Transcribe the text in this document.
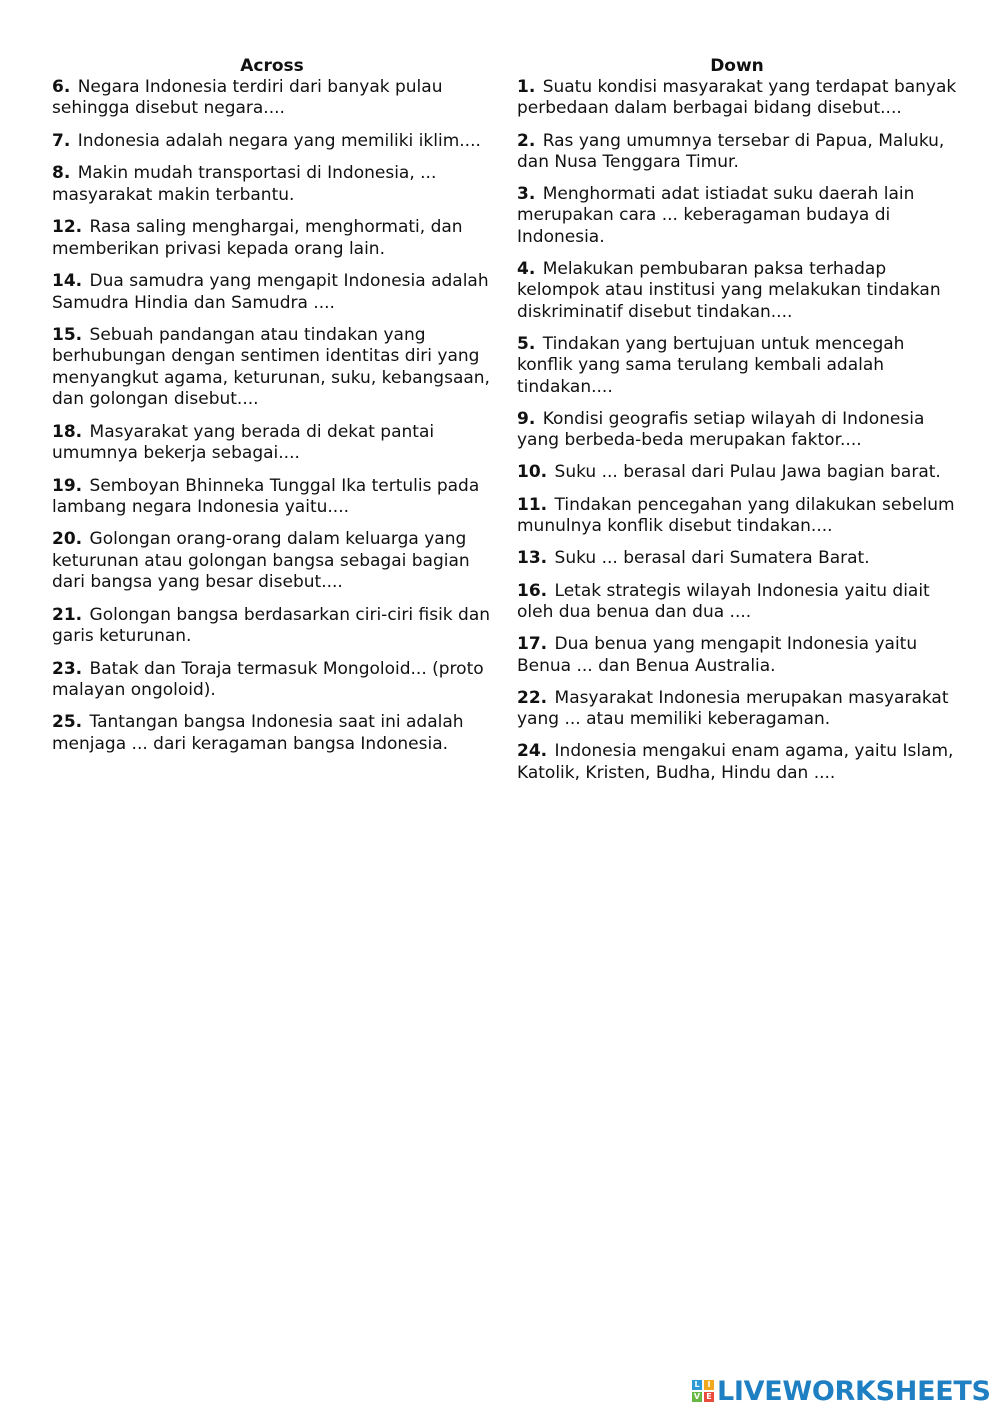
Across
6. Negara Indonesia terdiri dari banyak pulau sehingga disebut negara....
7. Indonesia adalah negara yang memiliki iklim....
8. Makin mudah transportasi di Indonesia, ... masyarakat makin terbantu.
12. Rasa saling menghargai, menghormati, dan memberikan privasi kepada orang lain.
14. Dua samudra yang mengapit Indonesia adalah Samudra Hindia dan Samudra ....
15. Sebuah pandangan atau tindakan yang berhubungan dengan sentimen identitas diri yang menyangkut agama, keturunan, suku, kebangsaan, dan golongan disebut....
18. Masyarakat yang berada di dekat pantai umumnya bekerja sebagai....
19. Semboyan Bhinneka Tunggal Ika tertulis pada lambang negara Indonesia yaitu....
20. Golongan orang-orang dalam keluarga yang keturunan atau golongan bangsa sebagai bagian dari bangsa yang besar disebut....
21. Golongan bangsa berdasarkan ciri-ciri fisik dan garis keturunan.
23. Batak dan Toraja termasuk Mongoloid... (proto malayan ongoloid).
25. Tantangan bangsa Indonesia saat ini adalah menjaga ... dari keragaman bangsa Indonesia.
Down
1. Suatu kondisi masyarakat yang terdapat banyak perbedaan dalam berbagai bidang disebut....
2. Ras yang umumnya tersebar di Papua, Maluku, dan Nusa Tenggara Timur.
3. Menghormati adat istiadat suku daerah lain merupakan cara ... keberagaman budaya di Indonesia.
4. Melakukan pembubaran paksa terhadap kelompok atau institusi yang melakukan tindakan diskriminatif disebut tindakan....
5. Tindakan yang bertujuan untuk mencegah konflik yang sama terulang kembali adalah tindakan....
9. Kondisi geografis setiap wilayah di Indonesia yang berbeda-beda merupakan faktor....
10. Suku ... berasal dari Pulau Jawa bagian barat.
11. Tindakan pencegahan yang dilakukan sebelum munulnya konflik disebut tindakan....
13. Suku ... berasal dari Sumatera Barat.
16. Letak strategis wilayah Indonesia yaitu diait oleh dua benua dan dua ....
17. Dua benua yang mengapit Indonesia yaitu Benua ... dan Benua Australia.
22. Masyarakat Indonesia merupakan masyarakat yang ... atau memiliki keberagaman.
24. Indonesia mengakui enam agama, yaitu Islam, Katolik, Kristen, Budha, Hindu dan ....
L I
V E LIVEWORKSHEETS
